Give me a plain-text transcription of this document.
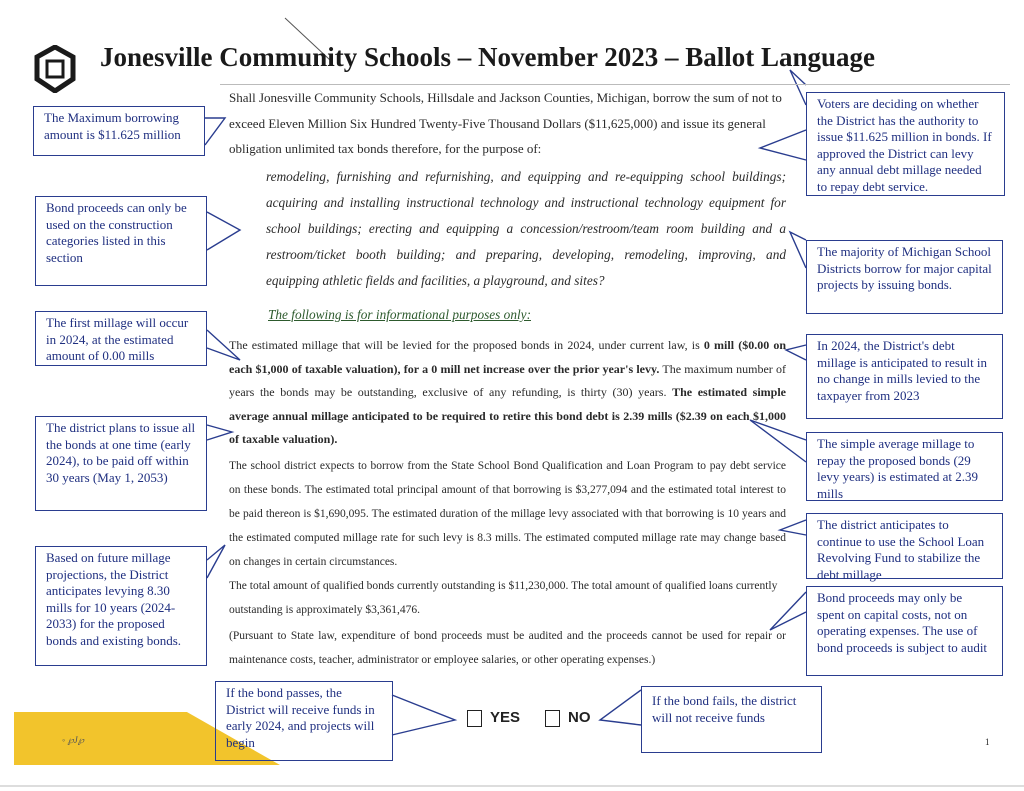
Jonesville Community Schools – November 2023 – Ballot Language
Shall Jonesville Community Schools, Hillsdale and Jackson Counties, Michigan, borrow the sum of not to exceed Eleven Million Six Hundred Twenty-Five Thousand Dollars ($11,625,000) and issue its general obligation unlimited tax bonds therefore, for the purpose of:
remodeling, furnishing and refurnishing, and equipping and re-equipping school buildings; acquiring and installing instructional technology and instructional technology equipment for school buildings; erecting and equipping a concession/restroom/team room building and a restroom/ticket booth building; and preparing, developing, remodeling, improving, and equipping athletic fields and facilities, a playground, and sites?
The following is for informational purposes only:
The estimated millage that will be levied for the proposed bonds in 2024, under current law, is 0 mill ($0.00 on each $1,000 of taxable valuation), for a 0 mill net increase over the prior year's levy. The maximum number of years the bonds may be outstanding, exclusive of any refunding, is thirty (30) years. The estimated simple average annual millage anticipated to be required to retire this bond debt is 2.39 mills ($2.39 on each $1,000 of taxable valuation).
The school district expects to borrow from the State School Bond Qualification and Loan Program to pay debt service on these bonds. The estimated total principal amount of that borrowing is $3,277,094 and the estimated total interest to be paid thereon is $1,690,095. The estimated duration of the millage levy associated with that borrowing is 10 years and the estimated computed millage rate for such levy is 8.3 mills. The estimated computed millage rate may change based on changes in certain circumstances.
The total amount of qualified bonds currently outstanding is $11,230,000. The total amount of qualified loans currently outstanding is approximately $3,361,476.
(Pursuant to State law, expenditure of bond proceeds must be audited and the proceeds cannot be used for repair or maintenance costs, teacher, administrator or employee salaries, or other operating expenses.)
YES	NO
The Maximum borrowing amount is $11.625 million
Bond proceeds can only be used on the construction categories listed in this section
The first millage will occur in 2024, at the estimated amount of 0.00 mills
The district plans to issue all the bonds at one time (early 2024), to be paid off within 30 years (May 1, 2053)
Based on future millage projections, the District anticipates levying 8.30 mills for 10 years (2024-2033) for the proposed bonds and existing bonds.
Voters are deciding on whether the District has the authority to issue $11.625 million in bonds. If approved the District can levy any annual debt millage needed to repay debt service.
The majority of Michigan School Districts borrow for major capital projects by issuing bonds.
In 2024, the District's debt millage is anticipated to result in no change in mills levied to the taxpayer from 2023
The simple average millage to repay the proposed bonds (29 levy years) is estimated at 2.39 mills
The district anticipates to continue to use the School Loan Revolving Fund to stabilize the debt millage
Bond proceeds may only be spent on capital costs, not on operating expenses. The use of bond proceeds is subject to audit
◦ ℘J℘
If the bond passes, the District will receive funds in early 2024, and projects will begin
If the bond fails, the district will not receive funds
1
